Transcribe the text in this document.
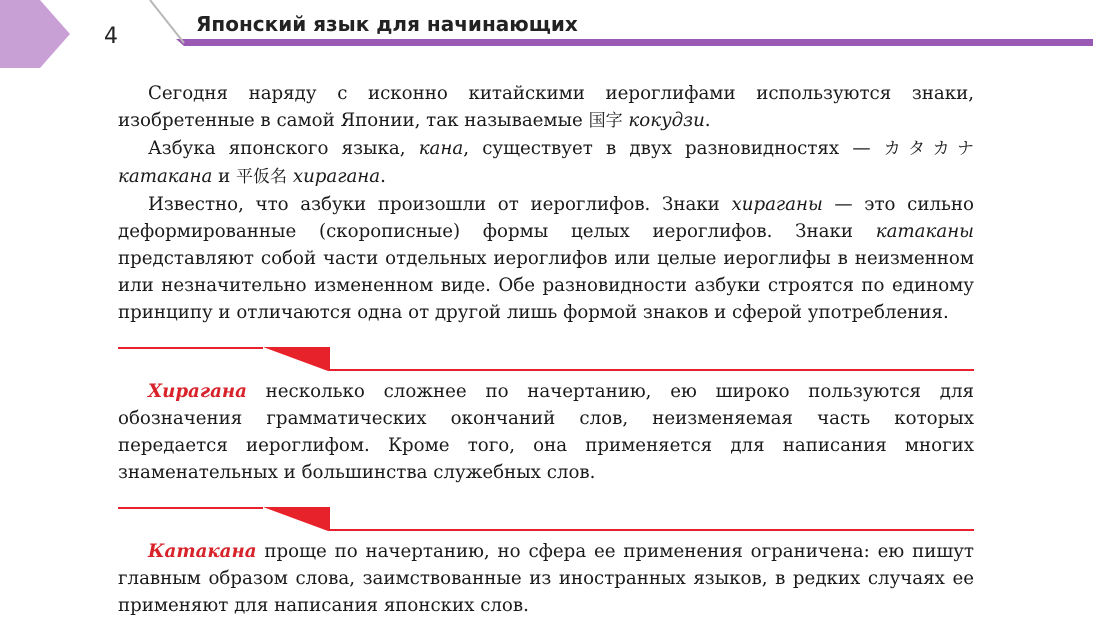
4	Японский язык для начинающих

Сегодня наряду с исконно китайскими иероглифами используются знаки, изобретенные в самой Японии, так называемые 国字 кокудзи.

Азбука японского языка, кана, существует в двух разновидностях — カタカナ катакана и 平仮名 хирагана.

Известно, что азбуки произошли от иероглифов. Знаки хираганы — это сильно деформированные (скорописные) формы целых иероглифов. Знаки катаканы представляют собой части отдельных иероглифов или целые иероглифы в неизменном или незначительно измененном виде. Обе разновидности азбуки строятся по единому принципу и отличаются одна от другой лишь формой знаков и сферой употребления.

Хирагана несколько сложнее по начертанию, ею широко пользуются для обозначения грамматических окончаний слов, неизменяемая часть которых передается иероглифом. Кроме того, она применяется для написания многих знаменательных и большинства служебных слов.

Катакана проще по начертанию, но сфера ее применения ограничена: ею пишут главным образом слова, заимствованные из иностранных языков, в редких случаях ее применяют для написания японских слов.
